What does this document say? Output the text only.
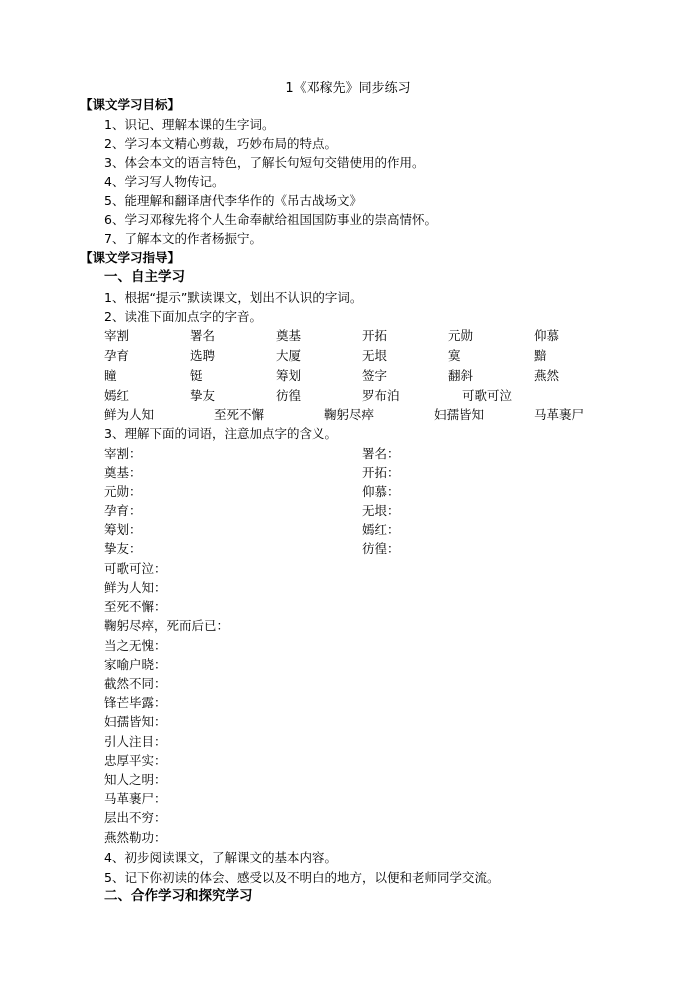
1《邓稼先》同步练习
【课文学习目标】
1、识记、理解本课的生字词。
2、学习本文精心剪裁，巧妙布局的特点。
3、体会本文的语言特色，了解长句短句交错使用的作用。
4、学习写人物传记。
5、能理解和翻译唐代李华作的《吊古战场文》
6、学习邓稼先将个人生命奉献给祖国国防事业的崇高情怀。
7、了解本文的作者杨振宁。
【课文学习指导】
一、自主学习
1、根据“提示”默读课文，划出不认识的字词。
2、读准下面加点字的字音。
宰割	署名	奠基	开拓	元勋	仰慕
孕育	选聘	大厦	无垠	寞	黯
瞳	铤	筹划	签字	翻斜	燕然
嫣红	挚友	彷徨	罗布泊	可歌可泣
鲜为人知	至死不懈	鞠躬尽瘁	妇孺皆知	马革裹尸
3、理解下面的词语，注意加点字的含义。
宰割：	署名：
奠基：	开拓：
元勋：	仰慕：
孕育：	无垠：
筹划：	嫣红：
挚友：	彷徨：
可歌可泣：
鲜为人知：
至死不懈：
鞠躬尽瘁，死而后已：
当之无愧：
家喻户晓：
截然不同：
锋芒毕露：
妇孺皆知：
引人注目：
忠厚平实：
知人之明：
马革裹尸：
层出不穷：
燕然勒功：
4、初步阅读课文，了解课文的基本内容。
5、记下你初读的体会、感受以及不明白的地方，以便和老师同学交流。
二、合作学习和探究学习
